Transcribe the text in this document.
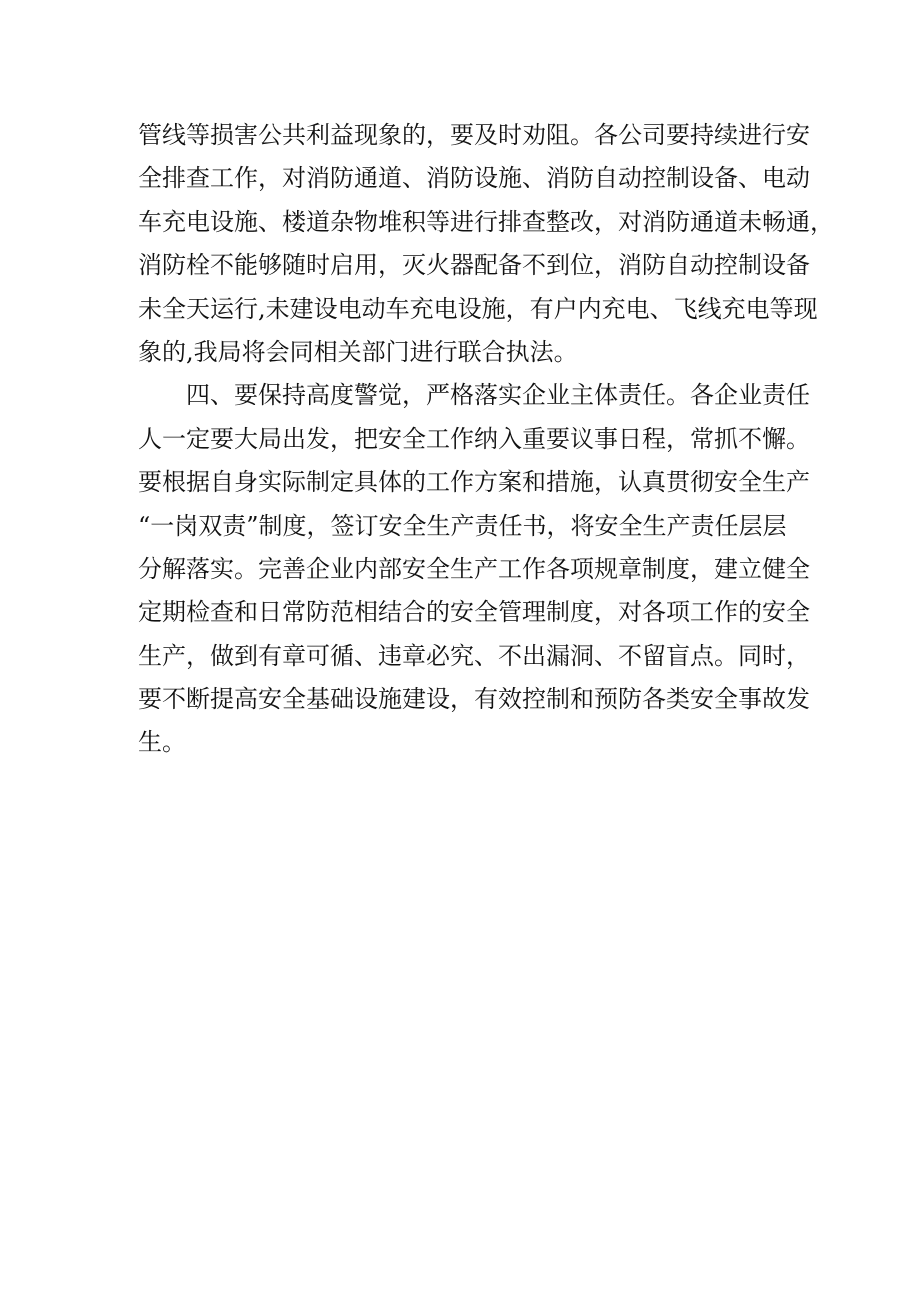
管线等损害公共利益现象的，要及时劝阻。各公司要持续进行安
全排查工作，对消防通道、消防设施、消防自动控制设备、电动
车充电设施、楼道杂物堆积等进行排查整改，对消防通道未畅通，
消防栓不能够随时启用，灭火器配备不到位，消防自动控制设备
未全天运行,未建设电动车充电设施，有户内充电、飞线充电等现
象的,我局将会同相关部门进行联合执法。
四、要保持高度警觉，严格落实企业主体责任。各企业责任
人一定要大局出发，把安全工作纳入重要议事日程，常抓不懈。
要根据自身实际制定具体的工作方案和措施，认真贯彻安全生产
“一岗双责”制度，签订安全生产责任书，将安全生产责任层层
分解落实。完善企业内部安全生产工作各项规章制度，建立健全
定期检查和日常防范相结合的安全管理制度，对各项工作的安全
生产，做到有章可循、违章必究、不出漏洞、不留盲点。同时，
要不断提高安全基础设施建设，有效控制和预防各类安全事故发
生。
